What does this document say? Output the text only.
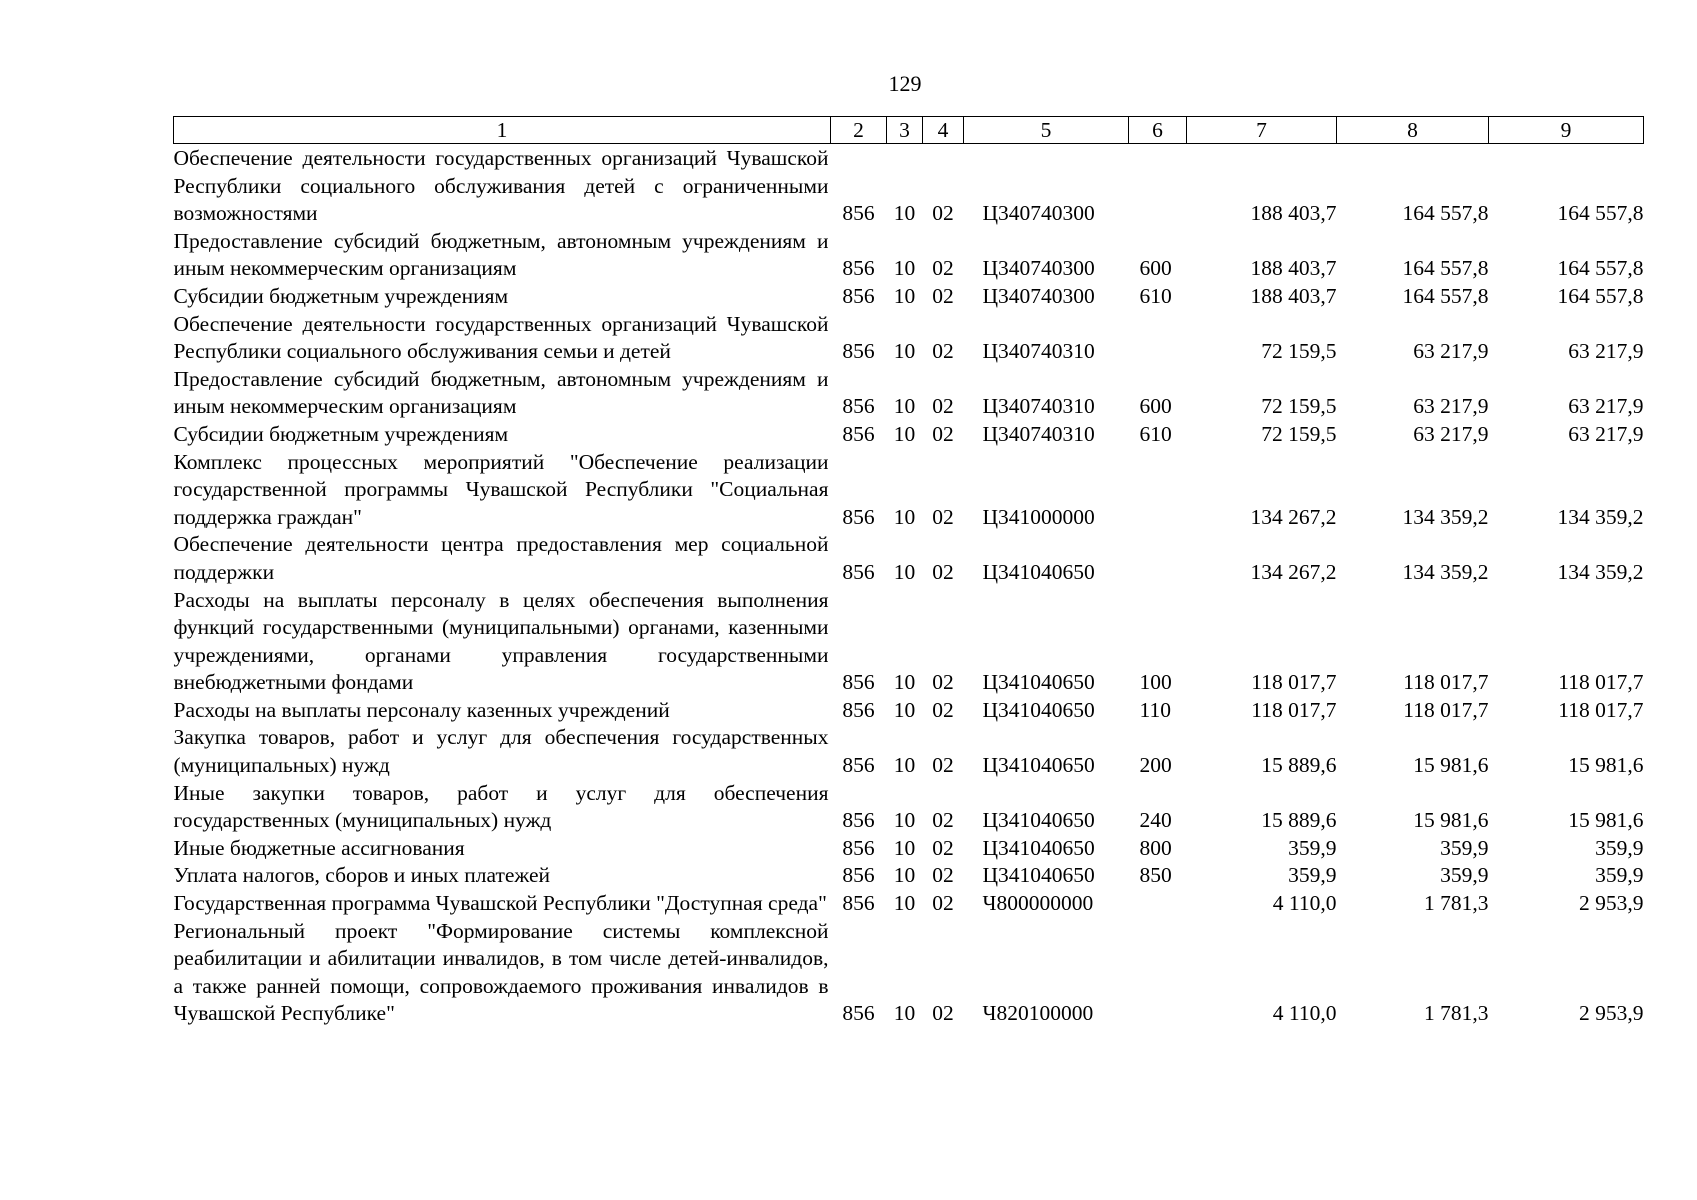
129
1	2	3	4	5	6	7	8	9
Обеспечение деятельности государственных организаций Чувашской Республики социального обслуживания детей с ограниченными возможностями	856	10	02	Ц340740300		188 403,7	164 557,8	164 557,8
Предоставление субсидий бюджетным, автономным учреждениям и иным некоммерческим организациям	856	10	02	Ц340740300	600	188 403,7	164 557,8	164 557,8
Субсидии бюджетным учреждениям	856	10	02	Ц340740300	610	188 403,7	164 557,8	164 557,8
Обеспечение деятельности государственных организаций Чувашской Республики социального обслуживания семьи и детей	856	10	02	Ц340740310		72 159,5	63 217,9	63 217,9
Предоставление субсидий бюджетным, автономным учреждениям и иным некоммерческим организациям	856	10	02	Ц340740310	600	72 159,5	63 217,9	63 217,9
Субсидии бюджетным учреждениям	856	10	02	Ц340740310	610	72 159,5	63 217,9	63 217,9
Комплекс процессных мероприятий "Обеспечение реализации государственной программы Чувашской Республики "Социальная поддержка граждан"	856	10	02	Ц341000000		134 267,2	134 359,2	134 359,2
Обеспечение деятельности центра предоставления мер социальной поддержки	856	10	02	Ц341040650		134 267,2	134 359,2	134 359,2
Расходы на выплаты персоналу в целях обеспечения выполнения функций государственными (муниципальными) органами, казенными учреждениями, органами управления государственными внебюджетными фондами	856	10	02	Ц341040650	100	118 017,7	118 017,7	118 017,7
Расходы на выплаты персоналу казенных учреждений	856	10	02	Ц341040650	110	118 017,7	118 017,7	118 017,7
Закупка товаров, работ и услуг для обеспечения государственных (муниципальных) нужд	856	10	02	Ц341040650	200	15 889,6	15 981,6	15 981,6
Иные закупки товаров, работ и услуг для обеспечения государственных (муниципальных) нужд	856	10	02	Ц341040650	240	15 889,6	15 981,6	15 981,6
Иные бюджетные ассигнования	856	10	02	Ц341040650	800	359,9	359,9	359,9
Уплата налогов, сборов и иных платежей	856	10	02	Ц341040650	850	359,9	359,9	359,9
Государственная программа Чувашской Республики "Доступная среда"	856	10	02	Ч800000000		4 110,0	1 781,3	2 953,9
Региональный проект "Формирование системы комплексной реабилитации и абилитации инвалидов, в том числе детей-инвалидов, а также ранней помощи, сопровождаемого проживания инвалидов в Чувашской Республике"	856	10	02	Ч820100000		4 110,0	1 781,3	2 953,9
